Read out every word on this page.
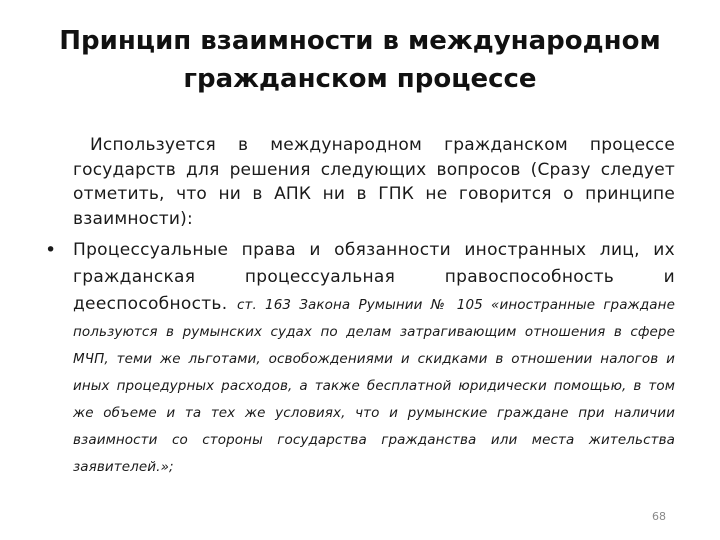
Принцип взаимности в международном гражданском процессе

Используется в международном гражданском процессе государств для решения следующих вопросов (Сразу следует отметить, что ни в АПК ни в ГПК не говорится о принципе взаимности):

• Процессуальные права и обязанности иностранных лиц, их гражданская процессуальная правоспособность и дееспособность. ст. 163 Закона Румынии № 105 «иностранные граждане пользуются в румынских судах по делам затрагивающим отношения в сфере МЧП, теми же льготами, освобождениями и скидками в отношении налогов и иных процедурных расходов, а также бесплатной юридически помощью, в том же объеме и та тех же условиях, что и румынские граждане при наличии взаимности со стороны государства гражданства или места жительства заявителей.»;
68
